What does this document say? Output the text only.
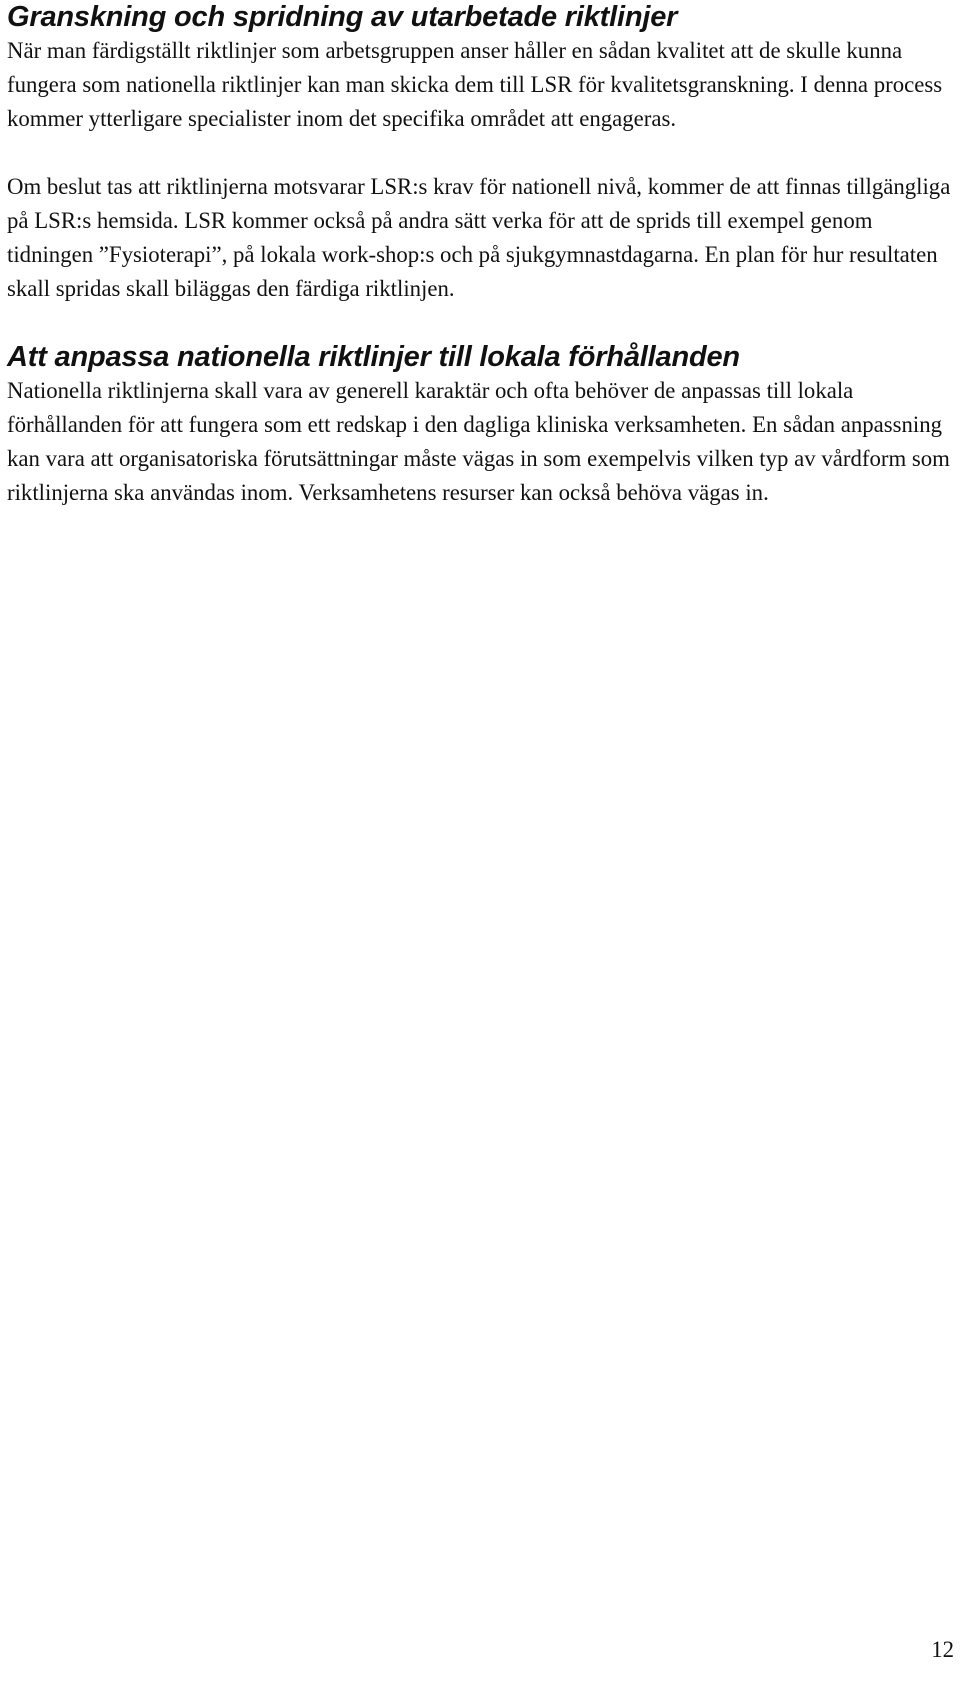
Granskning och spridning av utarbetade riktlinjer

När man färdigställt riktlinjer som arbetsgruppen anser håller en sådan kvalitet att de skulle kunna fungera som nationella riktlinjer kan man skicka dem till LSR för kvalitetsgranskning. I denna process kommer ytterligare specialister inom det specifika området att engageras.

Om beslut tas att riktlinjerna motsvarar LSR:s krav för nationell nivå, kommer de att finnas tillgängliga på LSR:s hemsida. LSR kommer också på andra sätt verka för att de sprids till exempel genom tidningen ”Fysioterapi”, på lokala work-shop:s och på sjukgymnastdagarna. En plan för hur resultaten skall spridas skall biläggas den färdiga riktlinjen.

Att anpassa nationella riktlinjer till lokala förhållanden

Nationella riktlinjerna skall vara av generell karaktär och ofta behöver de anpassas till lokala förhållanden för att fungera som ett redskap i den dagliga kliniska verksamheten. En sådan anpassning kan vara att organisatoriska förutsättningar måste vägas in som exempelvis vilken typ av vårdform som riktlinjerna ska användas inom. Verksamhetens resurser kan också behöva vägas in.

12
